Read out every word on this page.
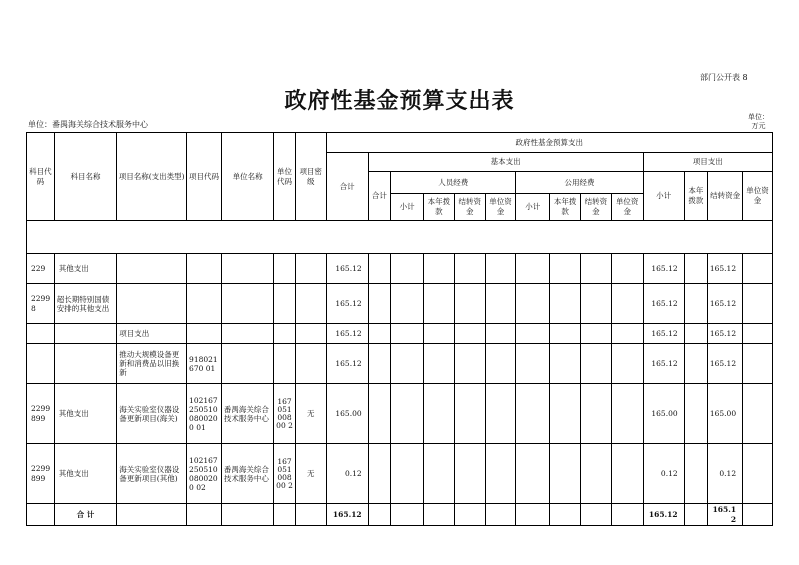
部门公开表 8
政府性基金预算支出表
单位：番禺海关综合技术服务中心
单位：
万元
科目代码	科目名称	项目名称(支出类型)	项目代码	单位名称	单位代码	项目密级	政府性基金预算支出													
							合计	基本支出									项目支出			
								合计	人员经费				公用经费				小计	本年拨款	结转资金	单位资金
									小计	本年拨款	结转资金	单位资金	小计	本年拨款	结转资金	单位资金				

229	其他支出						165.12										165.12		165.12	
22998	超长期特别国债安排的其他支出						165.12										165.12		165.12	
		项目支出					165.12										165.12		165.12	
		推动大规模设备更新和消费品以旧换新	918021670 01				165.12										165.12		165.12	
2299899	其他支出	海关实验室仪器设备更新项目(海关)	1021672505100800200 01	番禺海关综合技术服务中心	16705100800 2	无	165.00										165.00		165.00	
2299899	其他支出	海关实验室仪器设备更新项目(其他)	1021672505100800200 02	番禺海关综合技术服务中心	16705100800 2	无	0.12										0.12		0.12	
	合 计						165.12										165.12		165.12	
